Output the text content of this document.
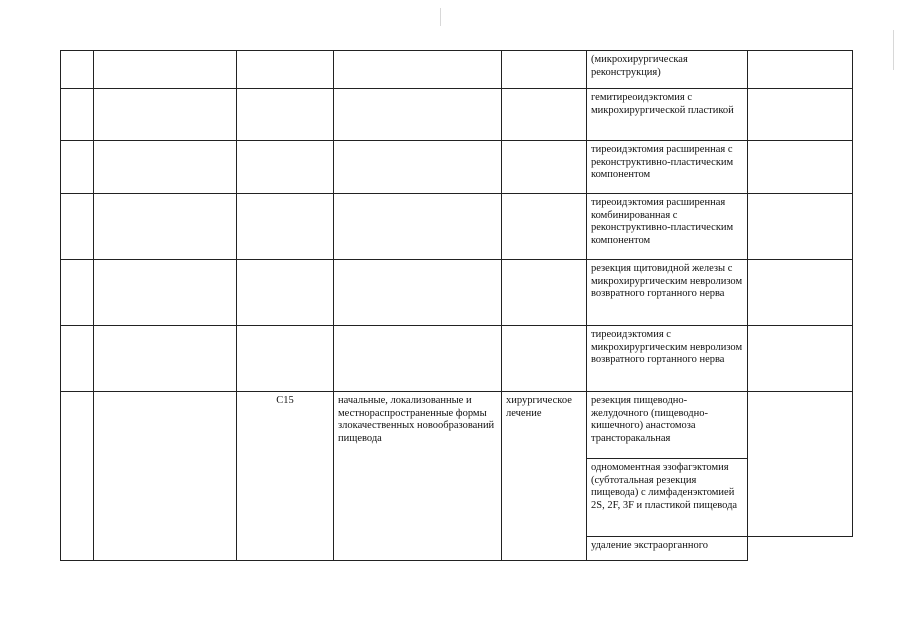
					(микрохирургическая реконструкция)	
					гемитиреоидэктомия с микрохирургической пластикой	
					тиреоидэктомия расширенная с реконструктивно-пластическим компонентом	
					тиреоидэктомия расширенная комбинированная с реконструктивно-пластическим компонентом	
					резекция щитовидной железы с микрохирургическим невролизом возвратного гортанного нерва	
					тиреоидэктомия с микрохирургическим невролизом возвратного гортанного нерва	
		C15	начальные, локализованные и местнораспространенные формы злокачественных новообразований пищевода	хирургическое лечение	резекция пищеводно-желудочного (пищеводно-кишечного) анастомоза трансторакальная	
					одномоментная эзофагэктомия (субтотальная резекция пищевода) с лимфаденэктомией 2S, 2F, 3F и пластикой пищевода	
					удаление экстраорганного	
